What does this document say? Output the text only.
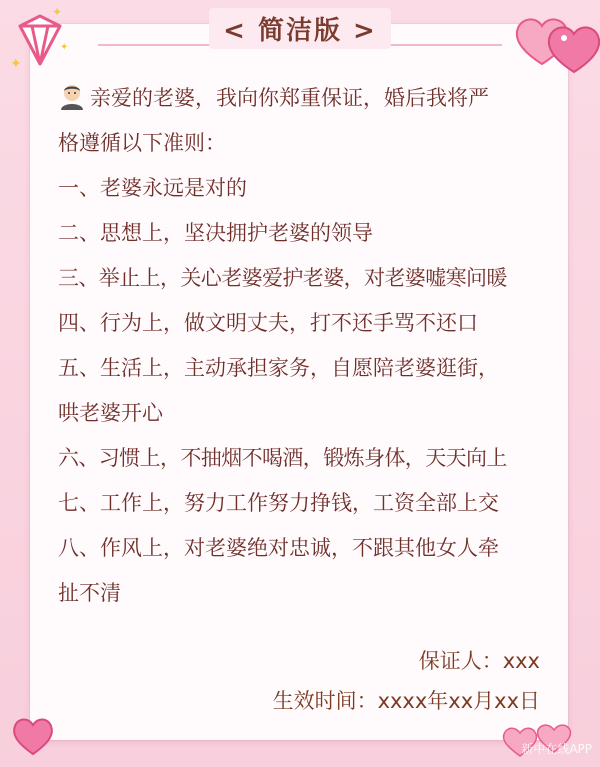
< 简洁版 >
✦
✦
✦

亲爱的老婆，我向你郑重保证，婚后我将严

格遵循以下准则：

一、老婆永远是对的

二、思想上，坚决拥护老婆的领导

三、举止上，关心老婆爱护老婆，对老婆嘘寒问暖

四、行为上，做文明丈夫，打不还手骂不还口

五、生活上，主动承担家务，自愿陪老婆逛街，

哄老婆开心

六、习惯上，不抽烟不喝酒，锻炼身体，天天向上

七、工作上，努力工作努力挣钱，工资全部上交

八、作风上，对老婆绝对忠诚，不跟其他女人牵

扯不清

保证人：xxx
生效时间：xxxx年xx月xx日
新中在线APP
